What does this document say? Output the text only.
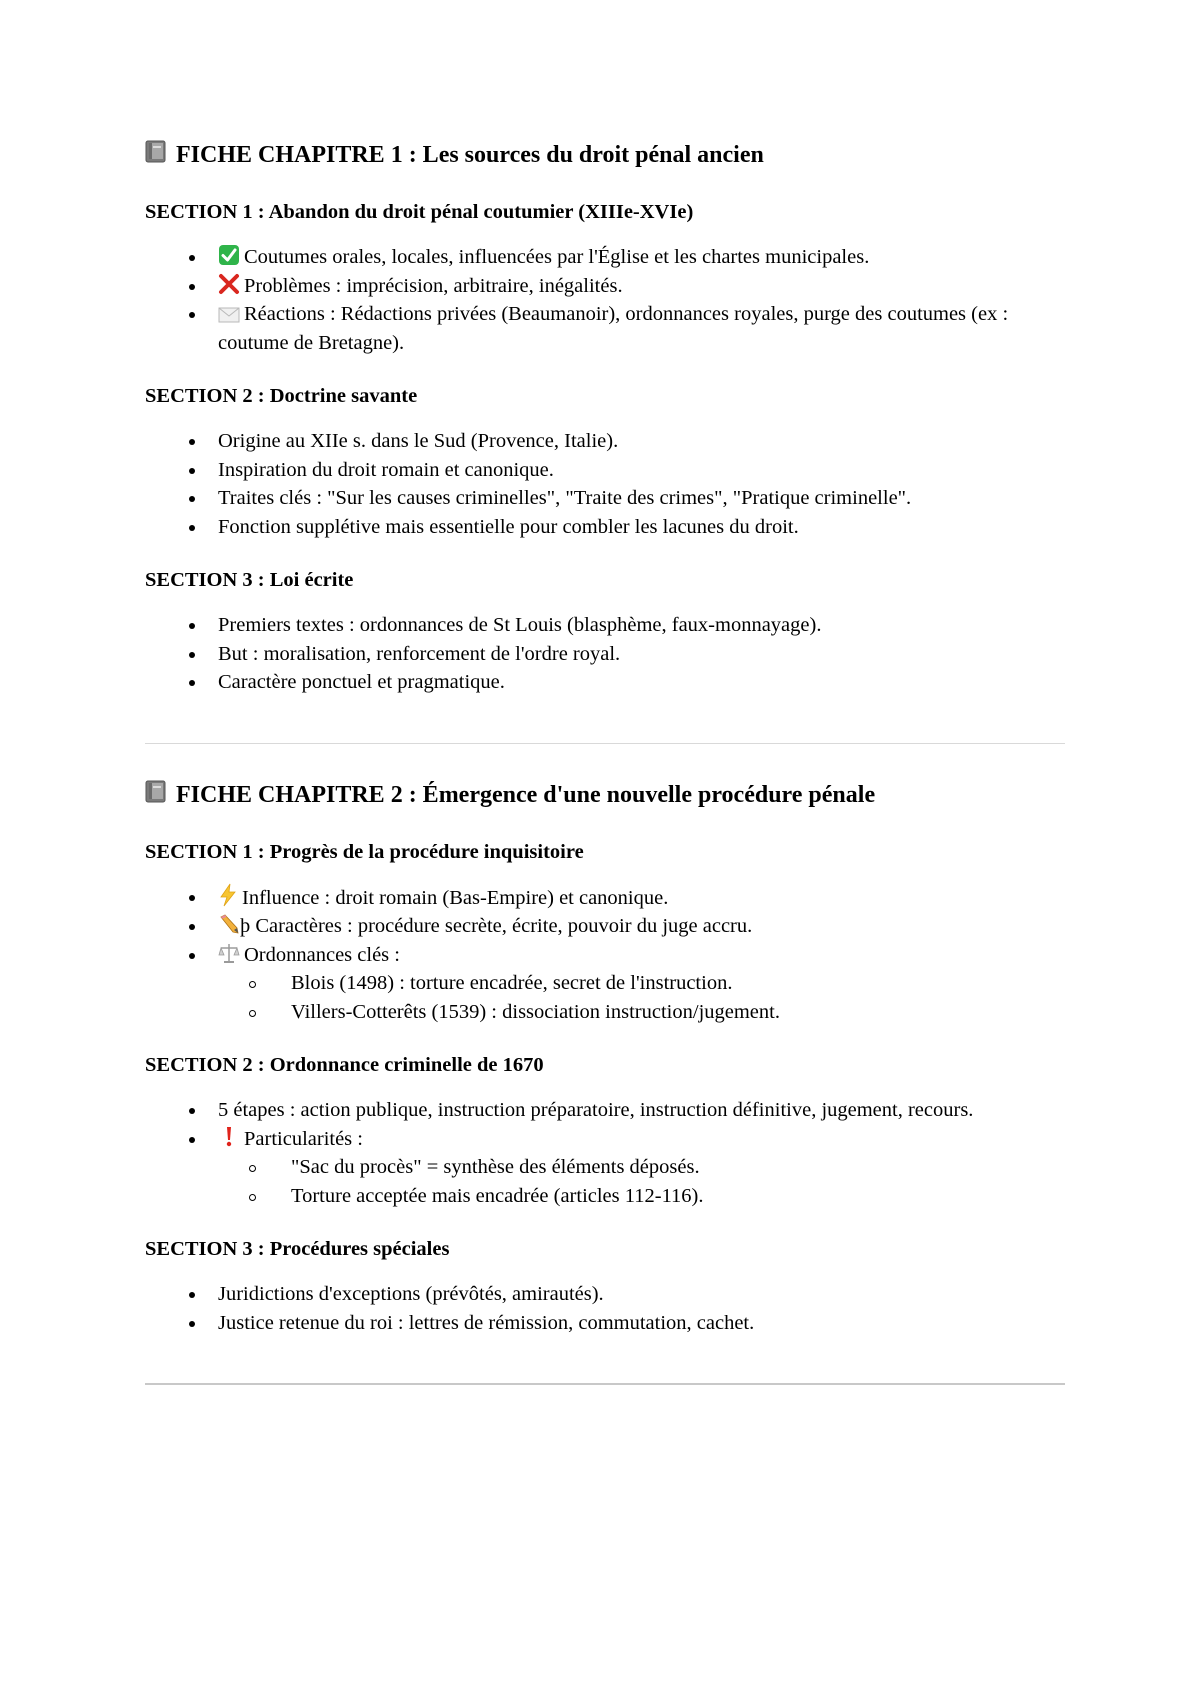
FICHE CHAPITRE 1 : Les sources du droit pénal ancien
SECTION 1 : Abandon du droit pénal coutumier (XIIIe-XVIe)
Coutumes orales, locales, influencées par l'Église et les chartes municipales.
Problèmes : imprécision, arbitraire, inégalités.
Réactions : Rédactions privées (Beaumanoir), ordonnances royales, purge des coutumes (ex : coutume de Bretagne).
SECTION 2 : Doctrine savante
Origine au XIIe s. dans le Sud (Provence, Italie).
Inspiration du droit romain et canonique.
Traites clés : "Sur les causes criminelles", "Traite des crimes", "Pratique criminelle".
Fonction supplétive mais essentielle pour combler les lacunes du droit.
SECTION 3 : Loi écrite
Premiers textes : ordonnances de St Louis (blasphème, faux-monnayage).
But : moralisation, renforcement de l'ordre royal.
Caractère ponctuel et pragmatique.
FICHE CHAPITRE 2 : Émergence d'une nouvelle procédure pénale
SECTION 1 : Progrès de la procédure inquisitoire
Influence : droit romain (Bas-Empire) et canonique.
þ Caractères : procédure secrète, écrite, pouvoir du juge accru.
Ordonnances clés :
Blois (1498) : torture encadrée, secret de l'instruction.
Villers-Cotterêts (1539) : dissociation instruction/jugement.
SECTION 2 : Ordonnance criminelle de 1670
5 étapes : action publique, instruction préparatoire, instruction définitive, jugement, recours.
Particularités :
"Sac du procès" = synthèse des éléments déposés.
Torture acceptée mais encadrée (articles 112-116).
SECTION 3 : Procédures spéciales
Juridictions d'exceptions (prévôtés, amirautés).
Justice retenue du roi : lettres de rémission, commutation, cachet.
